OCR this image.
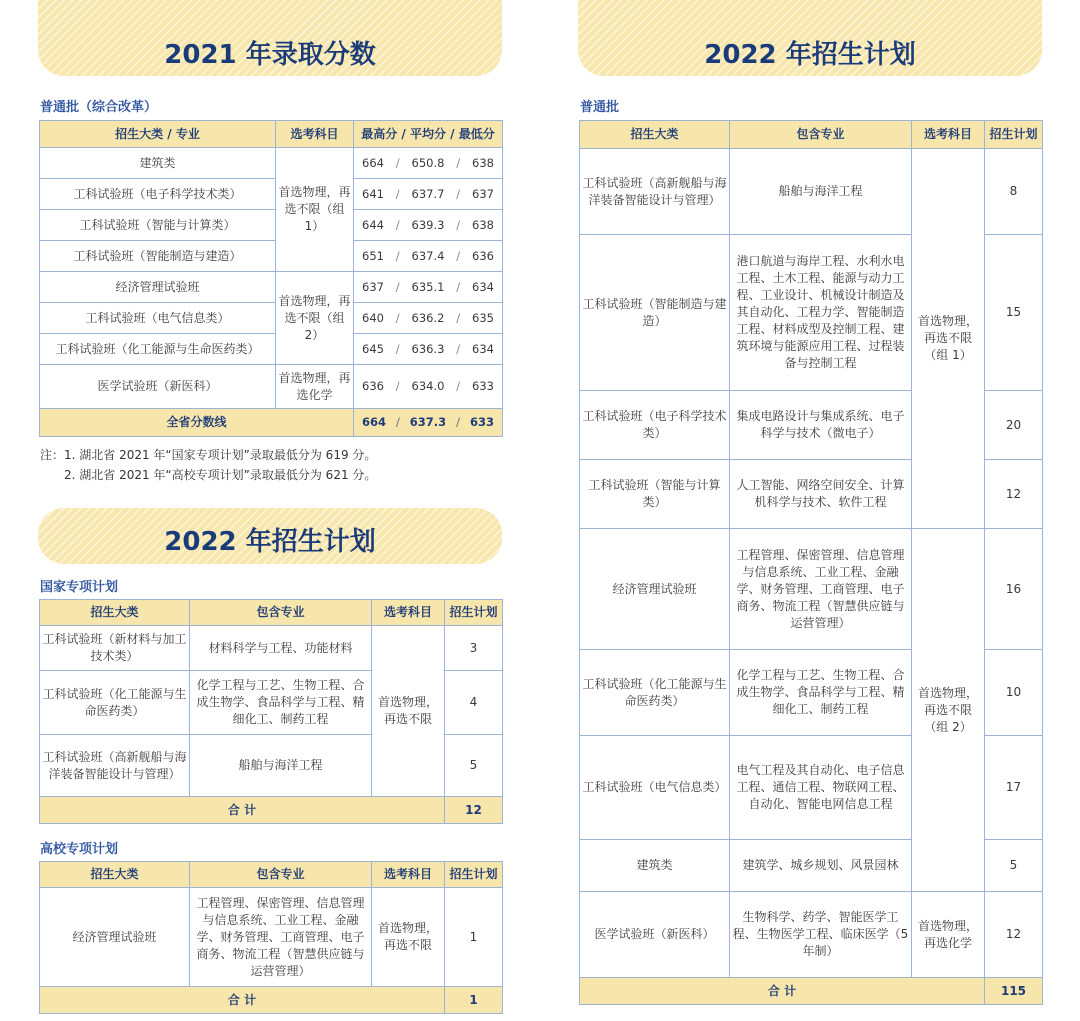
2021 年录取分数
普通批（综合改革）
招生大类 / 专业	选考科目	最高分 / 平均分 / 最低分
建筑类	首选物理，再选不限（组 1）	664 / 650.8 / 638

工科试验班（电子科学技术类）		641 / 637.7 / 637

工科试验班（智能与计算类）		644 / 639.3 / 638

工科试验班（智能制造与建造）		651 / 637.4 / 636

经济管理试验班	首选物理，再选不限（组 2）	637 / 635.1 / 634

工科试验班（电气信息类）		640 / 636.2 / 635

工科试验班（化工能源与生命医药类）		645 / 636.3 / 634

医学试验班（新医科）	首选物理，再选化学	636 / 634.0 / 633

全省分数线		664 / 637.3 / 633
注：1. 湖北省 2021 年“国家专项计划”录取最低分为 619 分。
2. 湖北省 2021 年“高校专项计划”录取最低分为 621 分。
2022 年招生计划
国家专项计划
招生大类	包含专业	选考科目	招生计划
工科试验班（新材料与加工技术类）	材料科学与工程、功能材料	首选物理，再选不限	3
工科试验班（化工能源与生命医药类）	化学工程与工艺、生物工程、合成生物学、食品科学与工程、精细化工、制药工程		4
工科试验班（高新舰船与海洋装备智能设计与管理）	船舶与海洋工程		5
合 计			12
高校专项计划
招生大类	包含专业	选考科目	招生计划
经济管理试验班	工程管理、保密管理、信息管理与信息系统、工业工程、金融学、财务管理、工商管理、电子商务、物流工程（智慧供应链与运营管理）	首选物理，再选不限	1
合 计			1
2022 年招生计划
普通批
招生大类	包含专业	选考科目	招生计划
工科试验班（高新舰船与海洋装备智能设计与管理）	船舶与海洋工程	首选物理，再选不限（组 1）	8
工科试验班（智能制造与建造）	港口航道与海岸工程、水利水电工程、土木工程、能源与动力工程、工业设计、机械设计制造及其自动化、工程力学、智能制造工程、材料成型及控制工程、建筑环境与能源应用工程、过程装备与控制工程		15
工科试验班（电子科学技术类）	集成电路设计与集成系统、电子科学与技术（微电子）		20
工科试验班（智能与计算类）	人工智能、网络空间安全、计算机科学与技术、软件工程		12
经济管理试验班	工程管理、保密管理、信息管理与信息系统、工业工程、金融学、财务管理、工商管理、电子商务、物流工程（智慧供应链与运营管理）	首选物理，再选不限（组 2）	16
工科试验班（化工能源与生命医药类）	化学工程与工艺、生物工程、合成生物学、食品科学与工程、精细化工、制药工程		10
工科试验班（电气信息类）	电气工程及其自动化、电子信息工程、通信工程、物联网工程、自动化、智能电网信息工程		17
建筑类	建筑学、城乡规划、风景园林		5
医学试验班（新医科）	生物科学、药学、智能医学工程、生物医学工程、临床医学（5 年制）	首选物理，再选化学	12
合 计			115
